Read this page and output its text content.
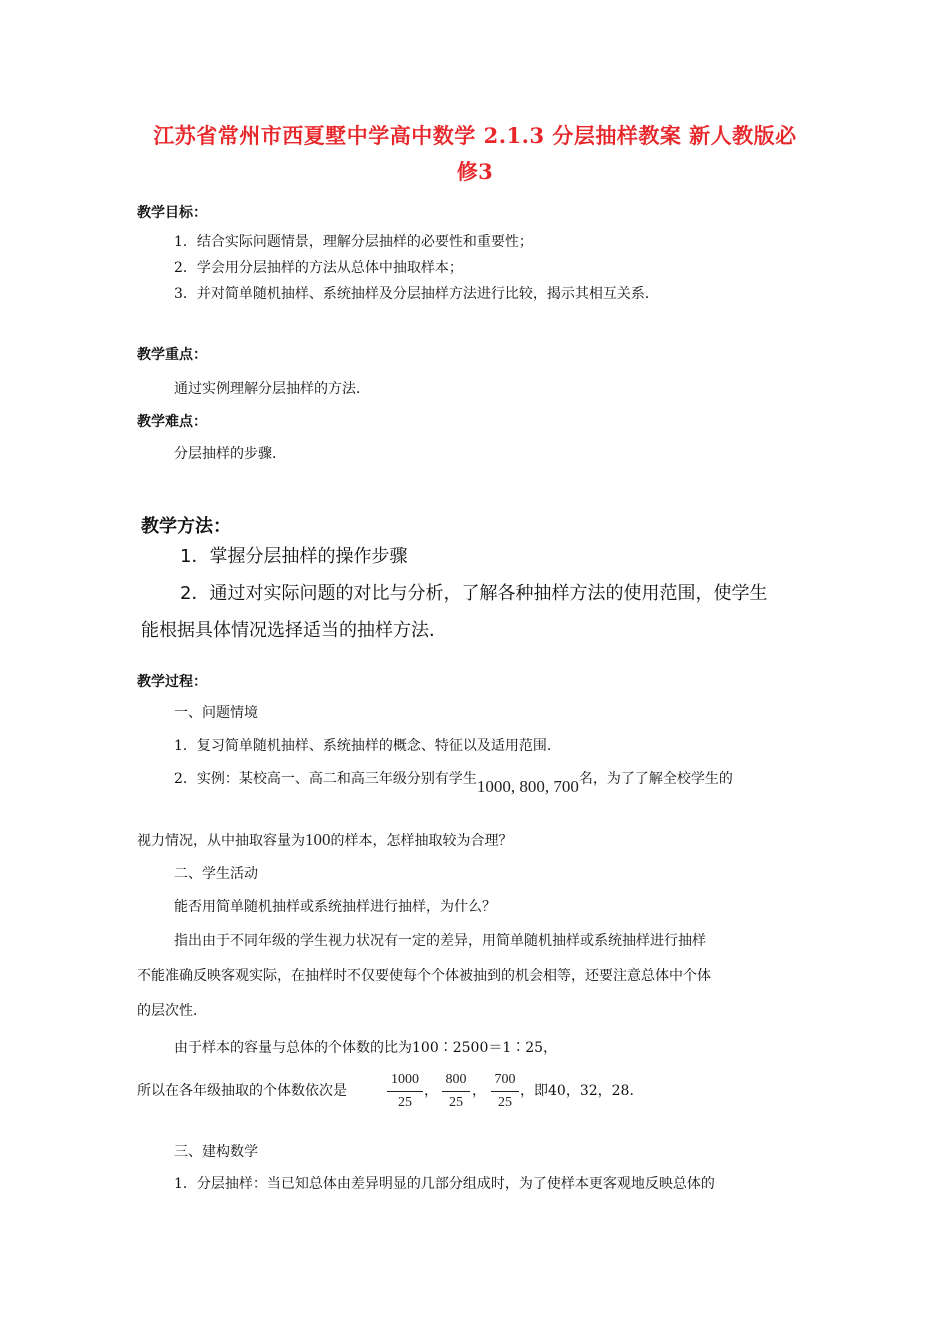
江苏省常州市西夏墅中学高中数学 2.1.3 分层抽样教案 新人教版必
修3
教学目标：
1．结合实际问题情景，理解分层抽样的必要性和重要性；
2．学会用分层抽样的方法从总体中抽取样本；
3．并对简单随机抽样、系统抽样及分层抽样方法进行比较，揭示其相互关系．
教学重点：
通过实例理解分层抽样的方法．
教学难点：
分层抽样的步骤．
教学方法：
1．掌握分层抽样的操作步骤
2．通过对实际问题的对比与分析，了解各种抽样方法的使用范围，使学生
能根据具体情况选择适当的抽样方法．
教学过程：
一、问题情境
1．复习简单随机抽样、系统抽样的概念、特征以及适用范围．
2．实例：某校高一、高二和高三年级分别有学生1000, 800, 700名，为了了解全校学生的
视力情况，从中抽取容量为100的样本，怎样抽取较为合理？
二、学生活动
能否用简单随机抽样或系统抽样进行抽样，为什么？
指出由于不同年级的学生视力状况有一定的差异，用简单随机抽样或系统抽样进行抽样
不能准确反映客观实际，在抽样时不仅要使每个个体被抽到的机会相等，还要注意总体中个体
的层次性．
由于样本的容量与总体的个体数的比为100∶2500＝1∶25，
所以在各年级抽取的个体数依次是
1000
25
，
800
25
，
700
25
，即40，32，28．
三、建构数学
1．分层抽样：当已知总体由差异明显的几部分组成时，为了使样本更客观地反映总体的
